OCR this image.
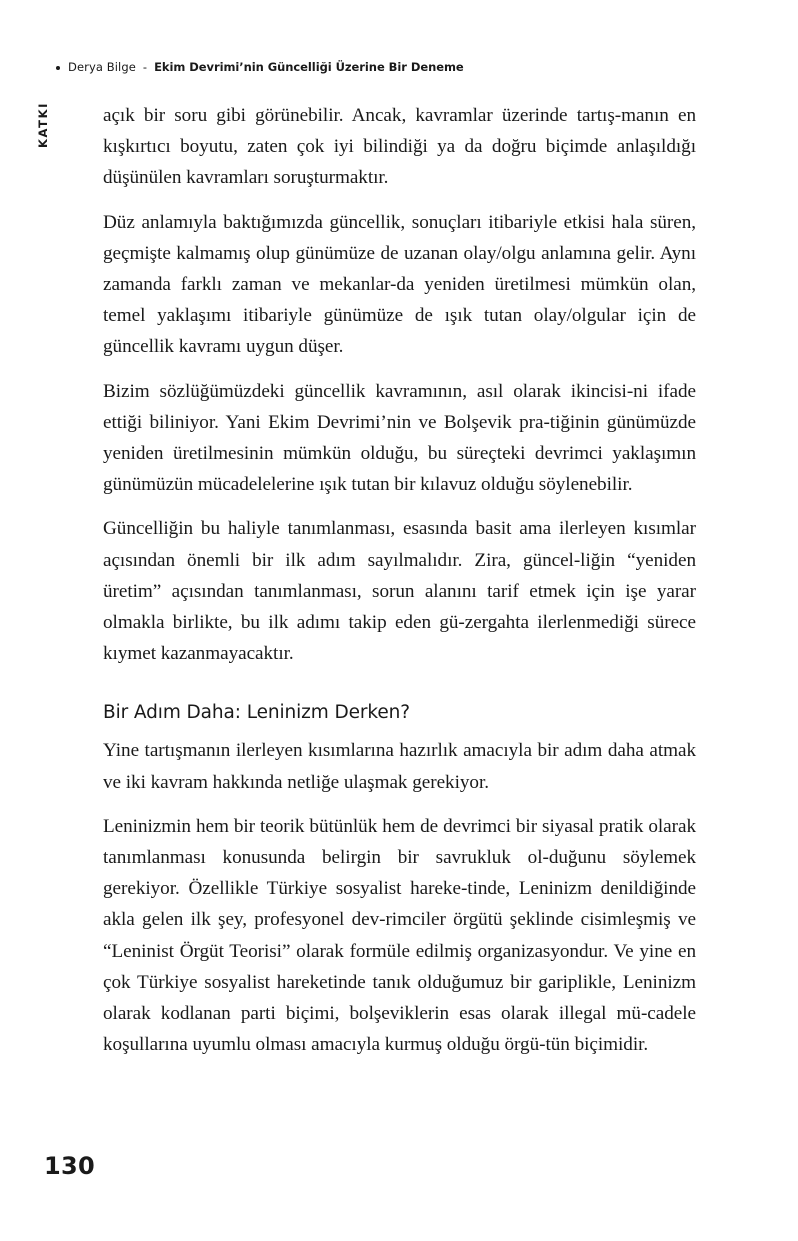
Derya Bilge - Ekim Devrimi’nin Güncelliği Üzerine Bir Deneme
KATKI	açık bir soru gibi görünebilir. Ancak, kavramlar üzerinde tartış-manın en kışkırtıcı boyutu, zaten çok iyi bilindiği ya da doğru biçimde anlaşıldığı düşünülen kavramları soruşturmaktır.

Düz anlamıyla baktığımızda güncellik, sonuçları itibariyle etkisi hala süren, geçmişte kalmamış olup günümüze de uzanan olay/olgu anlamına gelir. Aynı zamanda farklı zaman ve mekanlar-da yeniden üretilmesi mümkün olan, temel yaklaşımı itibariyle günümüze de ışık tutan olay/olgular için de güncellik kavramı uygun düşer.

Bizim sözlüğümüzdeki güncellik kavramının, asıl olarak ikincisi-ni ifade ettiği biliniyor. Yani Ekim Devrimi’nin ve Bolşevik pra-tiğinin günümüzde yeniden üretilmesinin mümkün olduğu, bu süreçteki devrimci yaklaşımın günümüzün mücadelelerine ışık tutan bir kılavuz olduğu söylenebilir.

Güncelliğin bu haliyle tanımlanması, esasında basit ama ilerleyen kısımlar açısından önemli bir ilk adım sayılmalıdır. Zira, güncel-liğin “yeniden üretim” açısından tanımlanması, sorun alanını tarif etmek için işe yarar olmakla birlikte, bu ilk adımı takip eden gü-zergahta ilerlenmediği sürece kıymet kazanmayacaktır.

Bir Adım Daha: Leninizm Derken?

Yine tartışmanın ilerleyen kısımlarına hazırlık amacıyla bir adım daha atmak ve iki kavram hakkında netliğe ulaşmak gerekiyor.

Leninizmin hem bir teorik bütünlük hem de devrimci bir siyasal pratik olarak tanımlanması konusunda belirgin bir savrukluk ol-duğunu söylemek gerekiyor. Özellikle Türkiye sosyalist hareke-tinde, Leninizm denildiğinde akla gelen ilk şey, profesyonel dev-rimciler örgütü şeklinde cisimleşmiş ve “Leninist Örgüt Teorisi” olarak formüle edilmiş organizasyondur. Ve yine en çok Türkiye sosyalist hareketinde tanık olduğumuz bir gariplikle, Leninizm olarak kodlanan parti biçimi, bolşeviklerin esas olarak illegal mü-cadele koşullarına uyumlu olması amacıyla kurmuş olduğu örgü-tün biçimidir.

130
